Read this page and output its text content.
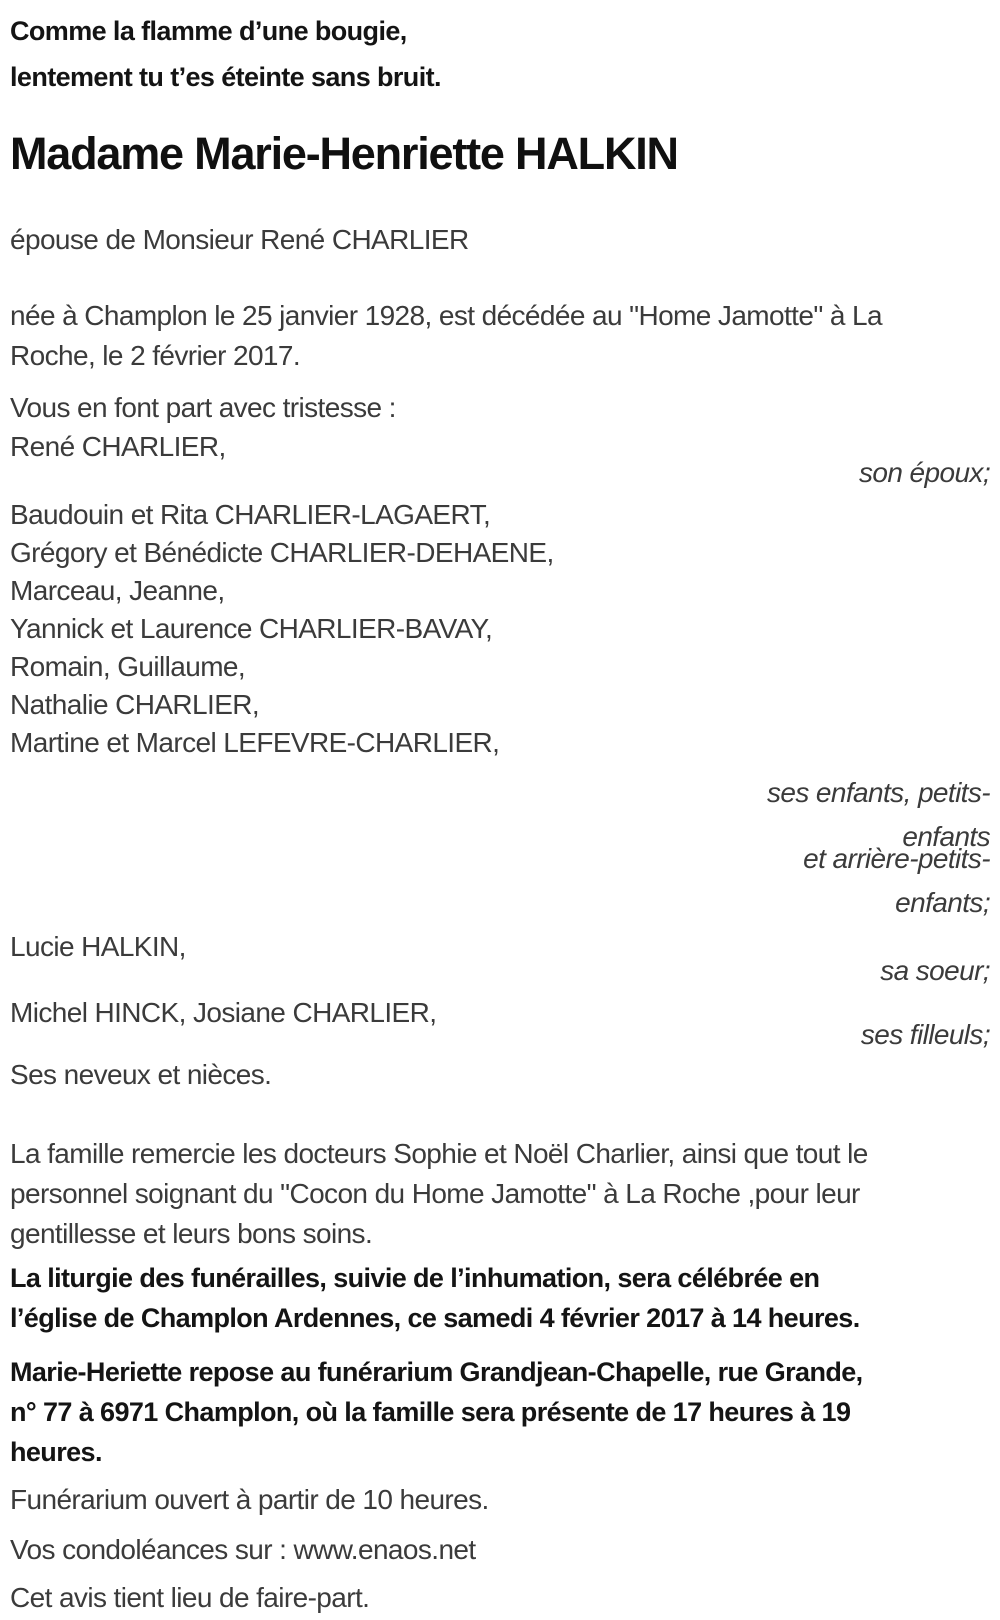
Comme la flamme d’une bougie,
lentement tu t’es éteinte sans bruit.
Madame Marie-Henriette HALKIN
épouse de Monsieur René CHARLIER
née à Champlon le 25 janvier 1928, est décédée au "Home Jamotte" à La
Roche, le 2 février 2017.
Vous en font part avec tristesse :
René CHARLIER,
son époux;
Baudouin et Rita CHARLIER-LAGAERT,
Grégory et Bénédicte CHARLIER-DEHAENE,
Marceau, Jeanne,
Yannick et Laurence CHARLIER-BAVAY,
Romain, Guillaume,
Nathalie CHARLIER,
Martine et Marcel LEFEVRE-CHARLIER,
ses enfants, petits-
enfants
et arrière-petits-
enfants;
Lucie HALKIN,
sa soeur;
Michel HINCK, Josiane CHARLIER,
ses filleuls;
Ses neveux et nièces.
La famille remercie les docteurs Sophie et Noël Charlier, ainsi que tout le
personnel soignant du "Cocon du Home Jamotte" à La Roche ,pour leur
gentillesse et leurs bons soins.
La liturgie des funérailles, suivie de l’inhumation, sera célébrée en
l’église de Champlon Ardennes, ce samedi 4 février 2017 à 14 heures.
Marie-Heriette repose au funérarium Grandjean-Chapelle, rue Grande,
n° 77 à 6971 Champlon, où la famille sera présente de 17 heures à 19
heures.
Funérarium ouvert à partir de 10 heures.
Vos condoléances sur : www.enaos.net
Cet avis tient lieu de faire-part.
